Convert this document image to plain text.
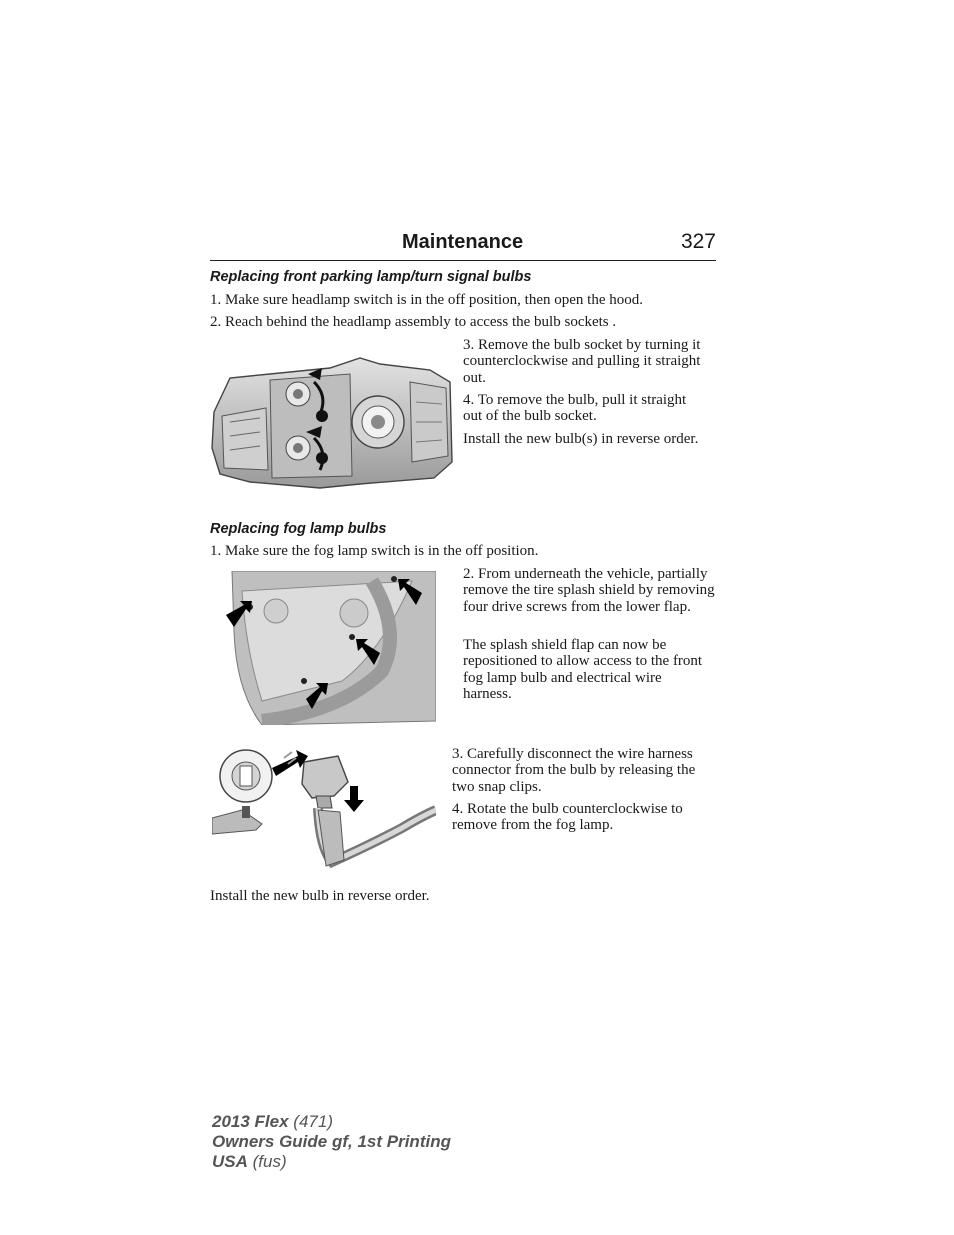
Maintenance	327
Replacing front parking lamp/turn signal bulbs

1. Make sure headlamp switch is in the off position, then open the hood.

2. Reach behind the headlamp assembly to access the bulb sockets .

3. Remove the bulb socket by turning it counterclockwise and pulling it straight out.

4. To remove the bulb, pull it straight out of the bulb socket.

Install the new bulb(s) in reverse order.

Replacing fog lamp bulbs

1. Make sure the fog lamp switch is in the off position.

2. From underneath the vehicle, partially remove the tire splash shield by removing four drive screws from the lower flap.

The splash shield flap can now be repositioned to allow access to the front fog lamp bulb and electrical wire harness.

3. Carefully disconnect the wire harness connector from the bulb by releasing the two snap clips.

4. Rotate the bulb counterclockwise to remove from the fog lamp.

Install the new bulb in reverse order.

2013 Flex (471)
Owners Guide gf, 1st Printing
USA (fus)
